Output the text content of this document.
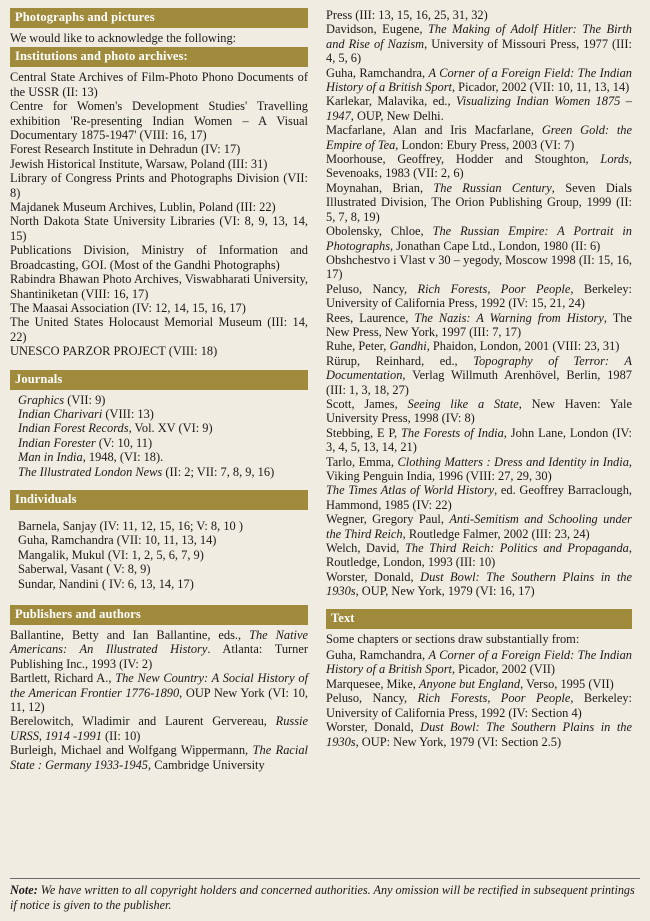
Photographs and pictures

We would like to acknowledge the following:

Institutions and photo archives:
Central State Archives of Film-Photo Phono Documents of the USSR (II: 13)
Centre for Women's Development Studies' Travelling exhibition 'Re-presenting Indian Women – A Visual Documentary 1875-1947' (VIII: 16, 17)
Forest Research Institute in Dehradun (IV: 17)
Jewish Historical Institute, Warsaw, Poland (III: 31)
Library of Congress Prints and Photographs Division (VII: 8)
Majdanek Museum Archives, Lublin, Poland (III: 22)
North Dakota State University Libraries (VI: 8, 9, 13, 14, 15)
Publications Division, Ministry of Information and Broadcasting, GOI. (Most of the Gandhi Photographs)
Rabindra Bhawan Photo Archives, Viswabharati University, Shantiniketan (VIII: 16, 17)
The Maasai Association (IV: 12, 14, 15, 16, 17)
The United States Holocaust Memorial Museum (III: 14, 22)
UNESCO PARZOR PROJECT (VIII: 18)
Journals
Graphics (VII: 9)
Indian Charivari (VIII: 13)
Indian Forest Records, Vol. XV (VI: 9)
Indian Forester (V: 10, 11)
Man in India, 1948, (VI: 18).
The Illustrated London News (II: 2; VII: 7, 8, 9, 16)
Individuals
Barnela, Sanjay (IV: 11, 12, 15, 16; V: 8, 10 )
Guha, Ramchandra (VII: 10, 11, 13, 14)
Mangalik, Mukul (VI: 1, 2, 5, 6, 7, 9)
Saberwal, Vasant ( V: 8, 9)
Sundar, Nandini ( IV: 6, 13, 14, 17)
Publishers and authors

Ballantine, Betty and Ian Ballantine, eds., The Native Americans: An Illustrated History. Atlanta: Turner Publishing Inc., 1993 (IV: 2)

Bartlett, Richard A., The New Country: A Social History of the American Frontier 1776-1890, OUP New York (VI: 10, 11, 12)

Berelowitch, Wladimir and Laurent Gervereau, Russie URSS, 1914 -1991 (II: 10)

Burleigh, Michael and Wolfgang Wippermann, The Racial State : Germany 1933-1945, Cambridge University

Press (III: 13, 15, 16, 25, 31, 32)

Davidson, Eugene, The Making of Adolf Hitler: The Birth and Rise of Nazism, University of Missouri Press, 1977 (III: 4, 5, 6)

Guha, Ramchandra, A Corner of a Foreign Field: The Indian History of a British Sport, Picador, 2002 (VII: 10, 11, 13, 14)

Karlekar, Malavika, ed., Visualizing Indian Women 1875 – 1947, OUP, New Delhi.

Macfarlane, Alan and Iris Macfarlane, Green Gold: the Empire of Tea, London: Ebury Press, 2003 (VI: 7)

Moorhouse, Geoffrey, Hodder and Stoughton, Lords, Sevenoaks, 1983 (VII: 2, 6)

Moynahan, Brian, The Russian Century, Seven Dials Illustrated Division, The Orion Publishing Group, 1999 (II: 5, 7, 8, 19)

Obolensky, Chloe, The Russian Empire: A Portrait in Photographs, Jonathan Cape Ltd., London, 1980 (II: 6)

Obshchestvo i Vlast v 30 – yegody, Moscow 1998 (II: 15, 16, 17)

Peluso, Nancy, Rich Forests, Poor People, Berkeley: University of California Press, 1992 (IV: 15, 21, 24)

Rees, Laurence, The Nazis: A Warning from History, The New Press, New York, 1997 (III: 7, 17)

Ruhe, Peter, Gandhi, Phaidon, London, 2001 (VIII: 23, 31)

Rürup, Reinhard, ed., Topography of Terror: A Documentation, Verlag Willmuth Arenhövel, Berlin, 1987 (III: 1, 3, 18, 27)

Scott, James, Seeing like a State, New Haven: Yale University Press, 1998 (IV: 8)

Stebbing, E P, The Forests of India, John Lane, London (IV: 3, 4, 5, 13, 14, 21)

Tarlo, Emma, Clothing Matters : Dress and Identity in India, Viking Penguin India, 1996 (VIII: 27, 29, 30)

The Times Atlas of World History, ed. Geoffrey Barraclough, Hammond, 1985 (IV: 22)

Wegner, Gregory Paul, Anti-Semitism and Schooling under the Third Reich, Routledge Falmer, 2002 (III: 23, 24)

Welch, David, The Third Reich: Politics and Propaganda, Routledge, London, 1993 (III: 10)

Worster, Donald, Dust Bowl: The Southern Plains in the 1930s, OUP, New York, 1979 (VI: 16, 17)

Text

Some chapters or sections draw substantially from:

Guha, Ramchandra, A Corner of a Foreign Field: The Indian History of a British Sport, Picador, 2002 (VII)

Marquesee, Mike, Anyone but England, Verso, 1995 (VII)

Peluso, Nancy, Rich Forests, Poor People, Berkeley: University of California Press, 1992 (IV: Section 4)

Worster, Donald, Dust Bowl: The Southern Plains in the 1930s, OUP: New York, 1979 (VI: Section 2.5)

Note: We have written to all copyright holders and concerned authorities. Any omission will be rectified in subsequent printings if notice is given to the publisher.
